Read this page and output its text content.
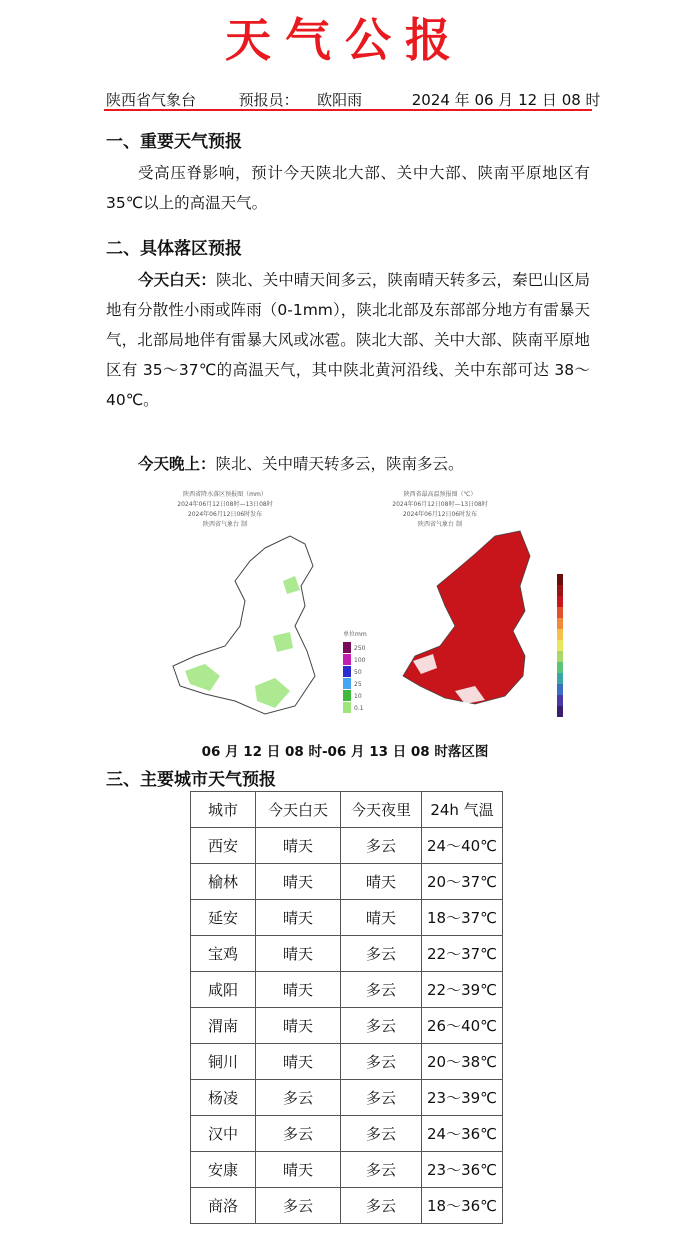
天气公报
陕西省气象台	预报员： 欧阳雨	2024 年 06 月 12 日 08 时
一、重要天气预报
受高压脊影响，预计今天陕北大部、关中大部、陕南平原地区有 35℃以上的高温天气。
二、具体落区预报
今天白天：陕北、关中晴天间多云，陕南晴天转多云，秦巴山区局地有分散性小雨或阵雨（0-1mm），陕北北部及东部部分地方有雷暴天气，北部局地伴有雷暴大风或冰雹。陕北大部、关中大部、陕南平原地区有 35～37℃的高温天气，其中陕北黄河沿线、关中东部可达 38～40℃。
今天晚上：陕北、关中晴天转多云，陕南多云。
陕西省降水落区预报图（mm）
2024年06月12日08时—13日08时
2024年06月12日06时发布
陕西省气象台 制
单位mm
250
100
50
25
10
0.1
陕西省最高温预报图（℃）
2024年06月12日08时—13日08时
2024年06月12日06时发布
陕西省气象台 制
06 月 12 日 08 时-06 月 13 日 08 时落区图
三、主要城市天气预报
城市	今天白天	今天夜里	24h 气温
西安	晴天	多云	24～40℃
榆林	晴天	晴天	20～37℃
延安	晴天	晴天	18～37℃
宝鸡	晴天	多云	22～37℃
咸阳	晴天	多云	22～39℃
渭南	晴天	多云	26～40℃
铜川	晴天	多云	20～38℃
杨凌	多云	多云	23～39℃
汉中	多云	多云	24～36℃
安康	晴天	多云	23～36℃
商洛	多云	多云	18～36℃
